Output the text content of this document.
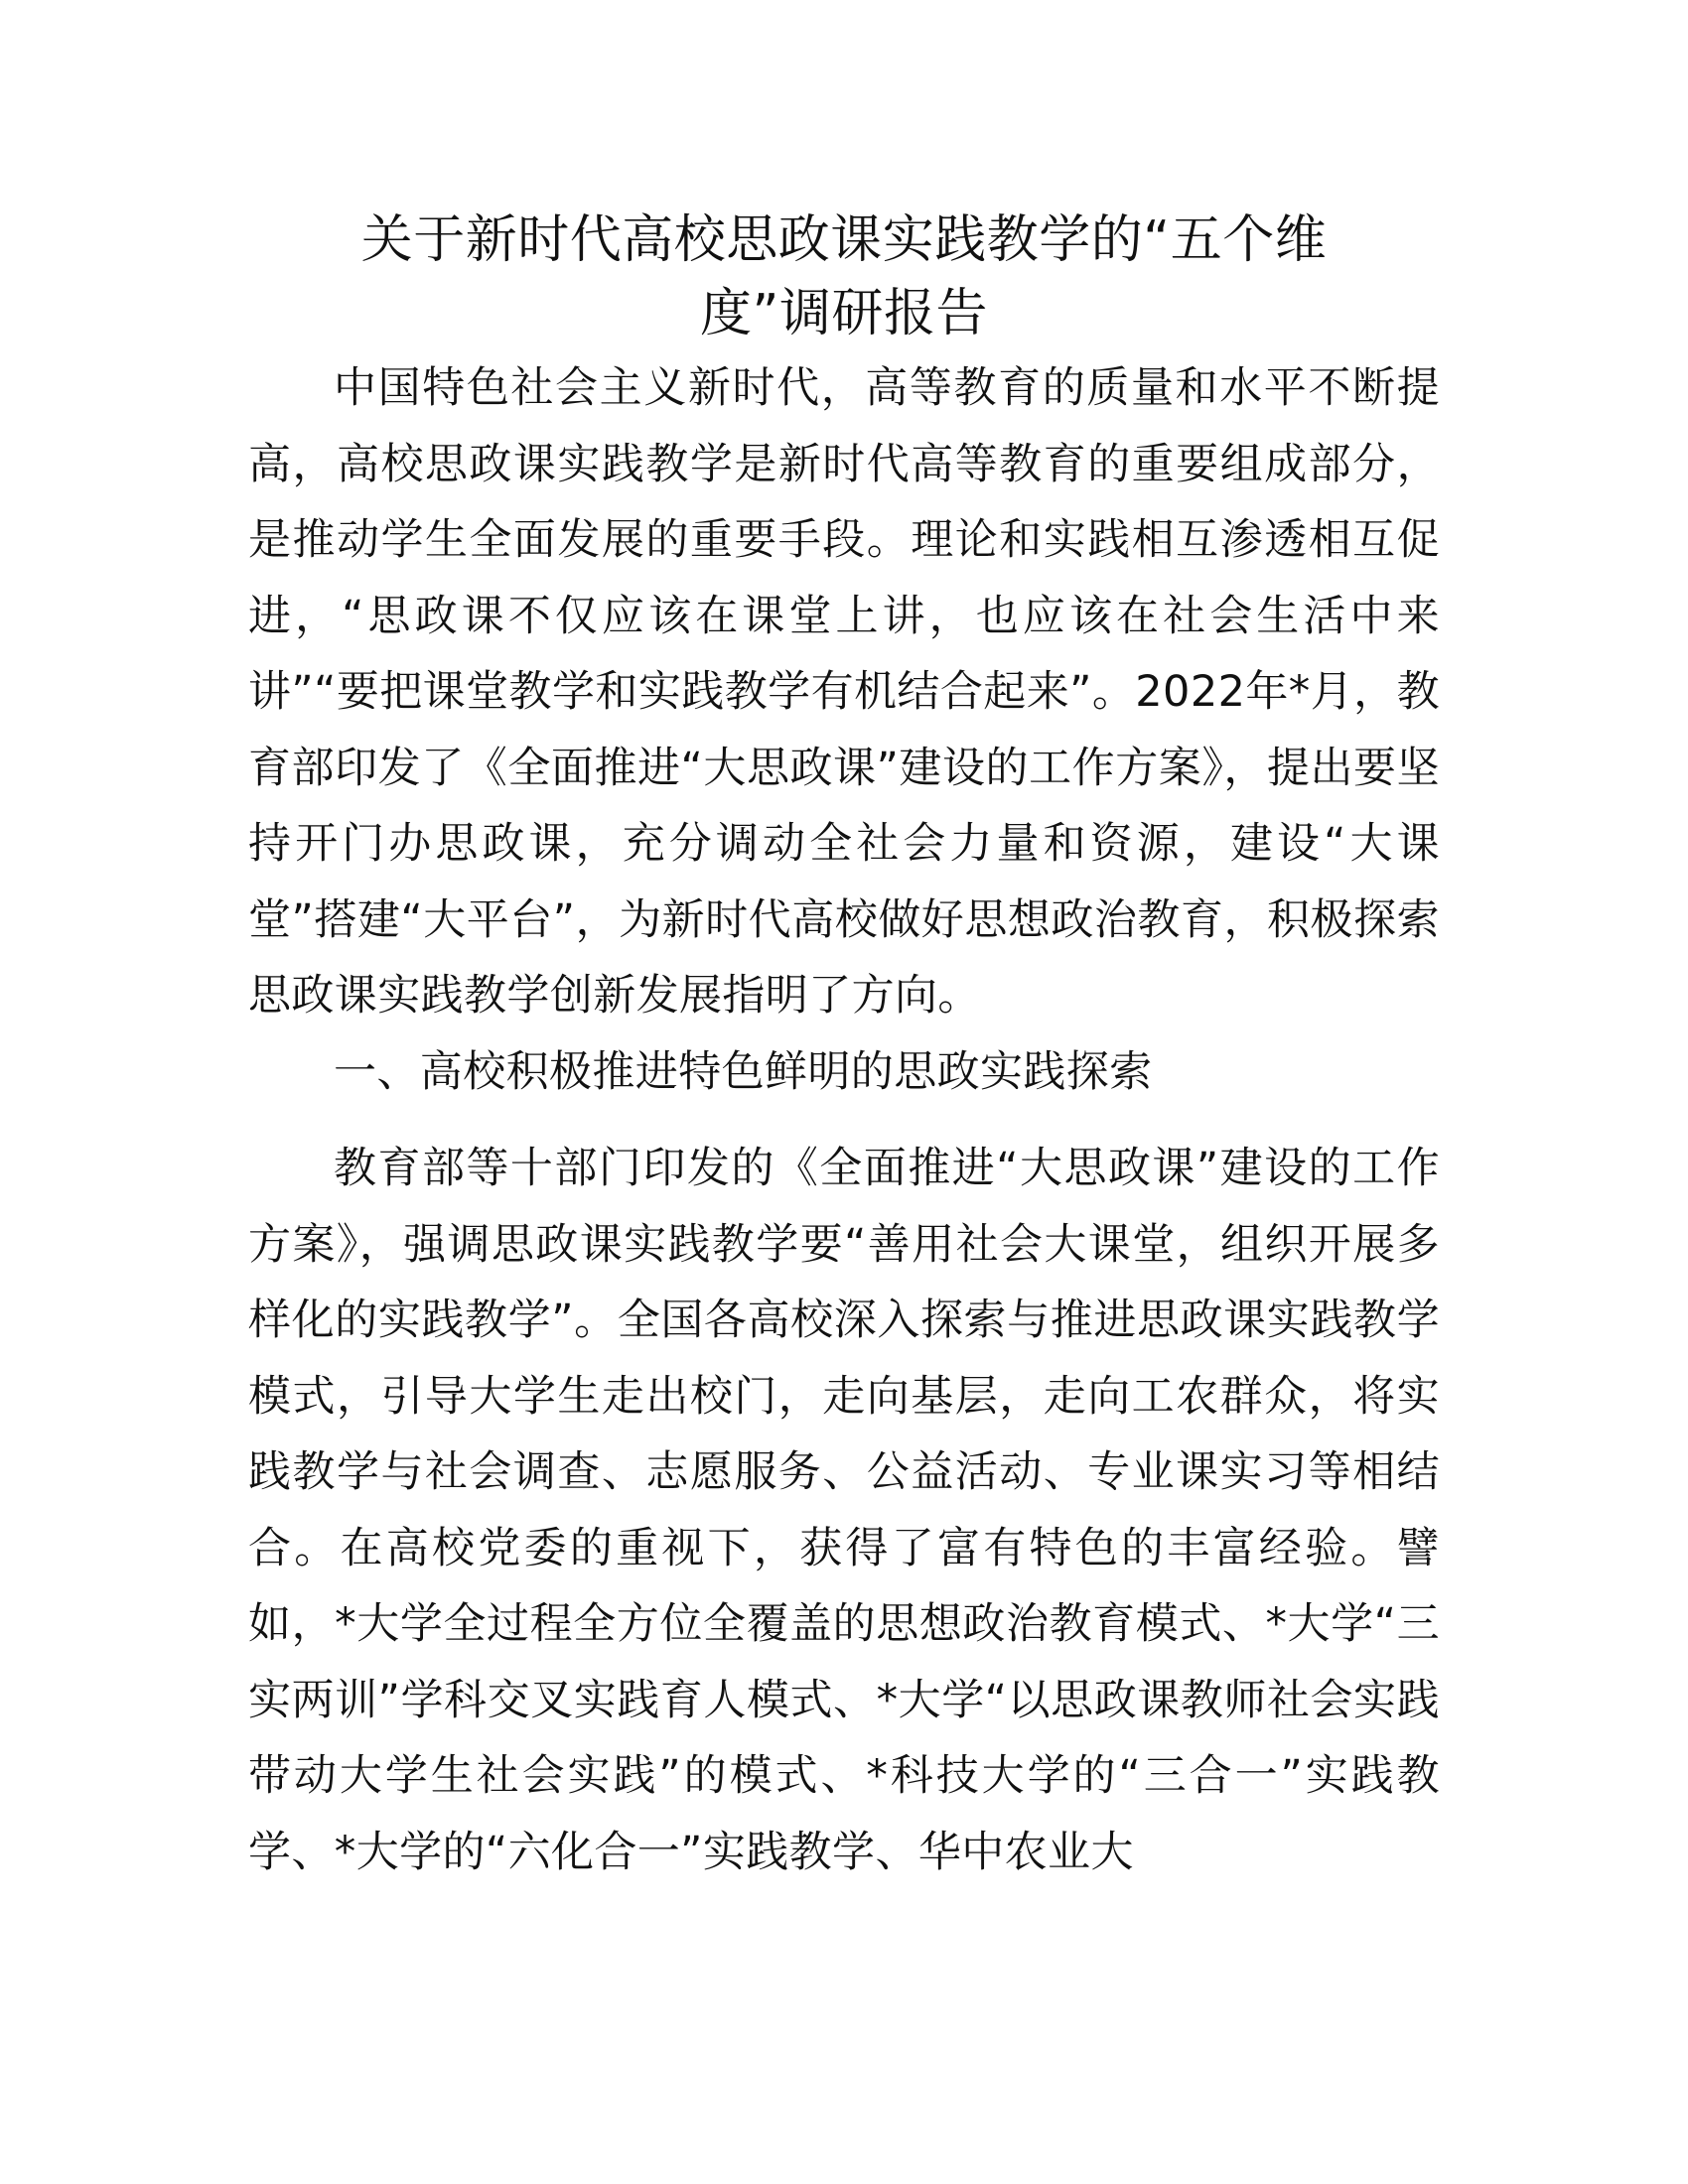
关于新时代高校思政课实践教学的“五个维
度”调研报告

中国特色社会主义新时代，高等教育的质量和水平不断提高，高校思政课实践教学是新时代高等教育的重要组成部分，是推动学生全面发展的重要手段。理论和实践相互渗透相互促进，“思政课不仅应该在课堂上讲，也应该在社会生活中来讲”“要把课堂教学和实践教学有机结合起来”。2022年*月，教育部印发了《全面推进“大思政课”建设的工作方案》，提出要坚持开门办思政课，充分调动全社会力量和资源，建设“大课堂”搭建“大平台”，为新时代高校做好思想政治教育，积极探索思政课实践教学创新发展指明了方向。

一、高校积极推进特色鲜明的思政实践探索

教育部等十部门印发的《全面推进“大思政课”建设的工作方案》，强调思政课实践教学要“善用社会大课堂，组织开展多样化的实践教学”。全国各高校深入探索与推进思政课实践教学模式，引导大学生走出校门，走向基层，走向工农群众，将实践教学与社会调查、志愿服务、公益活动、专业课实习等相结合。在高校党委的重视下，获得了富有特色的丰富经验。譬如，*大学全过程全方位全覆盖的思想政治教育模式、*大学“三实两训”学科交叉实践育人模式、*大学“以思政课教师社会实践带动大学生社会实践”的模式、*科技大学的“三合一”实践教学、*大学的“六化合一”实践教学、华中农业大
